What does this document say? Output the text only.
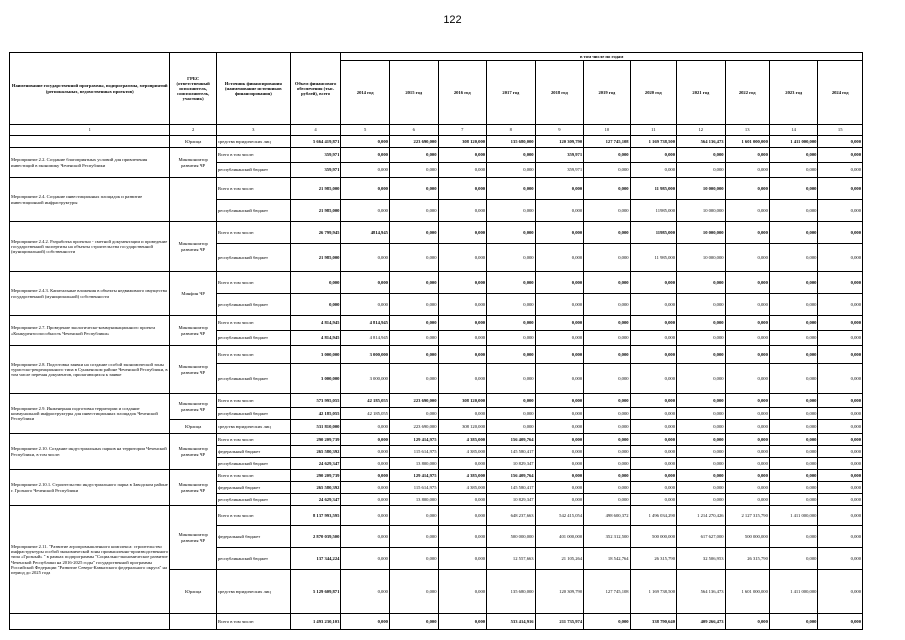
122
Наименование государственной программы, подпрограммы, мероприятий (региональных, ведомственных проектов)	ГРБС (ответственный исполнитель, соисполнитель, участник)	Источник финансирования (наименование источников финансирования)	Объем финансового обеспечения (тыс. рублей), всего	в том числе по годам										
				2014 год	2015 год	2016 год	2017 год	2018 год	2019 год	2020 год	2021 год	2022 год	2023 год	2024 год
1	2	3	4	5	6	7	8	9	10	11	12	13	14	15
	Юрлица	средства юридических лиц	5 664 419,871	0,000	223 690,000	308 120,000	135 680,000	120 309,790	127 745,108	1 169 738,500	564 136,473	1 601 000,000	1 411 000,000	0,000
Мероприятие 2.2. Создание благоприятных условий для привлечения инвестиций в экономику Чеченской Республики	Минэкономтор развития ЧР	Всего в том числе:	359,971	0,000	0,000	0,000	0,000	359,971	0,000	0,000	0,000	0,000	0,000	0,000
		республиканский бюджет	359,971	0,000	0,000	0,000	0,000	359,971	0,000	0,000	0,000	0,000	0,000	0,000
Мероприятие 2.4. Создание инвестиционных площадок и развитие инвестиционной инфраструктуры		Всего в том числе:	21 985,000	0,000	0,000	0,000	0,000	0,000	0,000	11 985,000	10 000,000	0,000	0,000	0,000
		республиканский бюджет	21 985,000	0,000	0,000	0,000	0,000	0,000	0,000	11985,000	10 000,000	0,000	0,000	0,000
Мероприятие 2.4.2. Разработка проектно - сметной документации и проведение государственной экспертизы на объекты строительства государственной (муниципальной) собственности	Минэкономтор развития ЧР	Всего в том числе:	26 799,945	4814,945	0,000	0,000	0,000	0,000	0,000	11985,000	10 000,000	0,000	0,000	0,000
		республиканский бюджет	21 985,000	0,000	0,000	0,000	0,000	0,000	0,000	11 985,000	10 000,000	0,000	0,000	0,000
Мероприятие 2.4.3. Капитальные вложения в объекты недвижимого имущества государственной (муниципальной) собственности	Минфин ЧР	Всего в том числе:	0,000	0,000	0,000	0,000	0,000	0,000	0,000	0,000	0,000	0,000	0,000	0,000
		республиканский бюджет	0,000	0,000	0,000	0,000	0,000	0,000	0,000	0,000	0,000	0,000	0,000	0,000
Мероприятие 2.7. Проведение экологическо-коммуникационного проекта «Конкурентоспособность Чеченской Республики»	Минэкономтор развития ЧР	Всего в том числе:	4 814,945	4 814,945	0,000	0,000	0,000	0,000	0,000	0,000	0,000	0,000	0,000	0,000
		республиканский бюджет	4 814,945	4 814,945	0,000	0,000	0,000	0,000	0,000	0,000	0,000	0,000	0,000	0,000
Мероприятие 2.8. Подготовка заявки на создание особой экономической зоны туристско-рекреационного типа в Сунженском районе Чеченской Республики, в том числе перечня документов, прилагающихся к заявке	Минэкономтор развития ЧР	Всего в том числе:	3 000,000	3 000,000	0,000	0,000	0,000	0,000	0,000	0,000	0,000	0,000	0,000	0,000
		республиканский бюджет	3 000,000	3 000,000	0,000	0,000	0,000	0,000	0,000	0,000	0,000	0,000	0,000	0,000
Мероприятие 2.9. Инженерная подготовка территории и создание коммунальной инфраструктуры для инвестиционных площадок Чеченской Республики	Минэкономтор развития ЧР	Всего в том числе:	573 995,055	42 185,055	223 690,000	308 120,000	0,000	0,000	0,000	0,000	0,000	0,000	0,000	0,000
		республиканский бюджет	42 185,055	42 185,055	0,000	0,000	0,000	0,000	0,000	0,000	0,000	0,000	0,000	0,000
	Юрлица	средства юридических лиц	531 810,000	0,000	223 690,000	308 120,000	0,000	0,000	0,000	0,000	0,000	0,000	0,000	0,000
Мероприятие 2.10. Создание индустриальных парков на территории Чеченской Республики, в том числе:	Минэкономтор развития ЧР	Всего в том числе:	290 209,739	0,000	129 414,975	4 385,000	156 409,764	0,000	0,000	0,000	0,000	0,000	0,000	0,000
		федеральный бюджет	265 580,392	0,000	115 614,975	4 385,000	145 580,417	0,000	0,000	0,000	0,000	0,000	0,000	0,000
		республиканский бюджет	24 629,347	0,000	13 800,000	0,000	10 829,347	0,000	0,000	0,000	0,000	0,000	0,000	0,000
Мероприятие 2.10.1. Строительство индустриального парка в Заводском районе г. Грозного Чеченской Республики	Минэкономтор развития ЧР	Всего в том числе:	290 209,739	0,000	129 414,975	4 385,000	156 409,764	0,000	0,000	0,000	0,000	0,000	0,000	0,000
		федеральный бюджет	265 580,392	0,000	115 614,975	4 385,000	145 580,417	0,000	0,000	0,000	0,000	0,000	0,000	0,000
		республиканский бюджет	24 629,347	0,000	13 800,000	0,000	10 829,347	0,000	0,000	0,000	0,000	0,000	0,000	0,000
Мероприятие 2.11. "Развитие агропромышленного комплекса: строительство инфраструктуры особой экономической зоны промышленно-производственного типа «Грозный» " в рамках подпрограммы "Социально-экономическое развитие Чеченской Республики на 2016-2025 годы" государственной программы Российской Федерации "Развитие Северо-Кавказского федерального округа" на период до 2025 года	Минэкономтор развития ЧР	Всего в том числе:	8 137 993,595	0,000	0,000	0,000	648 237,663	542 415,054	498 600,372	1 496 034,290	1 214 270,426	2 127 315,790	1 411 000,000	0,000
		федеральный бюджет	2 870 039,500	0,000	0,000	0,000	500 000,000	401 000,000	352 312,500	500 000,000	617 627,000	500 000,000	0,000	0,000
		республиканский бюджет	137 344,224	0,000	0,000	0,000	12 557,663	21 105,264	18 542,764	26 315,790	32 506,953	26 315,790	0,000	0,000
	Юрлица	средства юридических лиц	5 129 609,871	0,000	0,000	0,000	135 680,000	120 309,790	127 745,108	1 169 738,500	564 136,473	1 601 000,000	1 411 000,000	0,000
		Всего в том числе:	1 493 230,103	0,000	0,000	0,000	533 414,916	211 735,974	0,000	338 790,640	409 266,473	0,000	0,000	0,000
